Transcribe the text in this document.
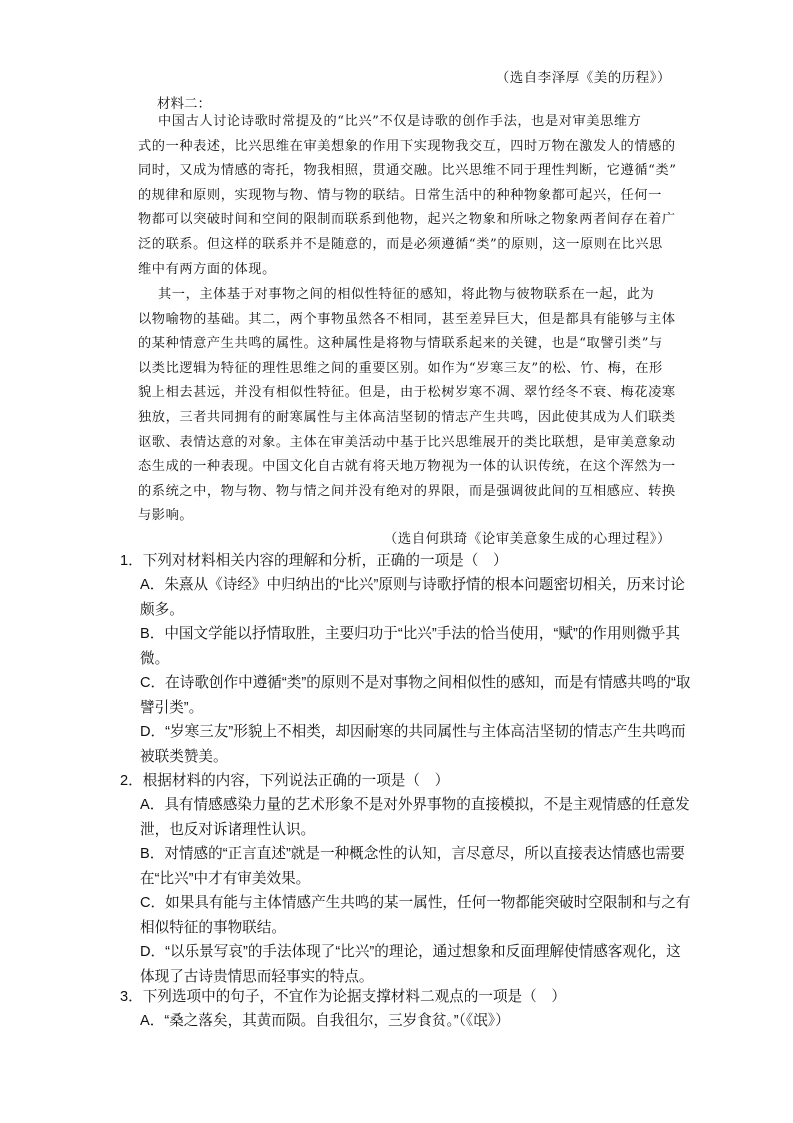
（选自李泽厚《美的历程》）
材料二：
中国古人讨论诗歌时常提及的“比兴”不仅是诗歌的创作手法，也是对审美思维方
式的一种表述，比兴思维在审美想象的作用下实现物我交互，四时万物在激发人的情感的
同时，又成为情感的寄托，物我相照，贯通交融。比兴思维不同于理性判断，它遵循“类”
的规律和原则，实现物与物、情与物的联结。日常生活中的种种物象都可起兴，任何一
物都可以突破时间和空间的限制而联系到他物，起兴之物象和所咏之物象两者间存在着广
泛的联系。但这样的联系并不是随意的，而是必须遵循“类”的原则，这一原则在比兴思
维中有两方面的体现。
其一，主体基于对事物之间的相似性特征的感知，将此物与彼物联系在一起，此为
以物喻物的基础。其二，两个事物虽然各不相同，甚至差异巨大，但是都具有能够与主体
的某种情意产生共鸣的属性。这种属性是将物与情联系起来的关键，也是“取譬引类”与
以类比逻辑为特征的理性思维之间的重要区别。如作为“岁寒三友”的松、竹、梅，在形
貌上相去甚远，并没有相似性特征。但是，由于松树岁寒不凋、翠竹经冬不衰、梅花凌寒
独放，三者共同拥有的耐寒属性与主体高洁坚韧的情志产生共鸣，因此使其成为人们联类
讴歌、表情达意的对象。主体在审美活动中基于比兴思维展开的类比联想，是审美意象动
态生成的一种表现。中国文化自古就有将天地万物视为一体的认识传统，在这个浑然为一
的系统之中，物与物、物与情之间并没有绝对的界限，而是强调彼此间的互相感应、转换
与影响。
（选自何珙琦《论审美意象生成的心理过程》）
1．下列对材料相关内容的理解和分析，正确的一项是（　）
A．朱熹从《诗经》中归纳出的“比兴”原则与诗歌抒情的根本问题密切相关，历来讨论
颇多。
B．中国文学能以抒情取胜，主要归功于“比兴”手法的恰当使用，“赋”的作用则微乎其
微。
C．在诗歌创作中遵循“类”的原则不是对事物之间相似性的感知，而是有情感共鸣的“取
譬引类”。
D．“岁寒三友”形貌上不相类，却因耐寒的共同属性与主体高洁坚韧的情志产生共鸣而
被联类赞美。
2．根据材料的内容，下列说法正确的一项是（　）
A．具有情感感染力量的艺术形象不是对外界事物的直接模拟，不是主观情感的任意发
泄，也反对诉诸理性认识。
B．对情感的“正言直述”就是一种概念性的认知，言尽意尽，所以直接表达情感也需要
在“比兴”中才有审美效果。
C．如果具有能与主体情感产生共鸣的某一属性，任何一物都能突破时空限制和与之有
相似特征的事物联结。
D．“以乐景写哀”的手法体现了“比兴”的理论，通过想象和反面理解使情感客观化，这
体现了古诗贵情思而轻事实的特点。
3．下列选项中的句子，不宜作为论据支撑材料二观点的一项是（　）
A．“桑之落矣，其黄而陨。自我徂尔，三岁食贫。”（《氓》）
